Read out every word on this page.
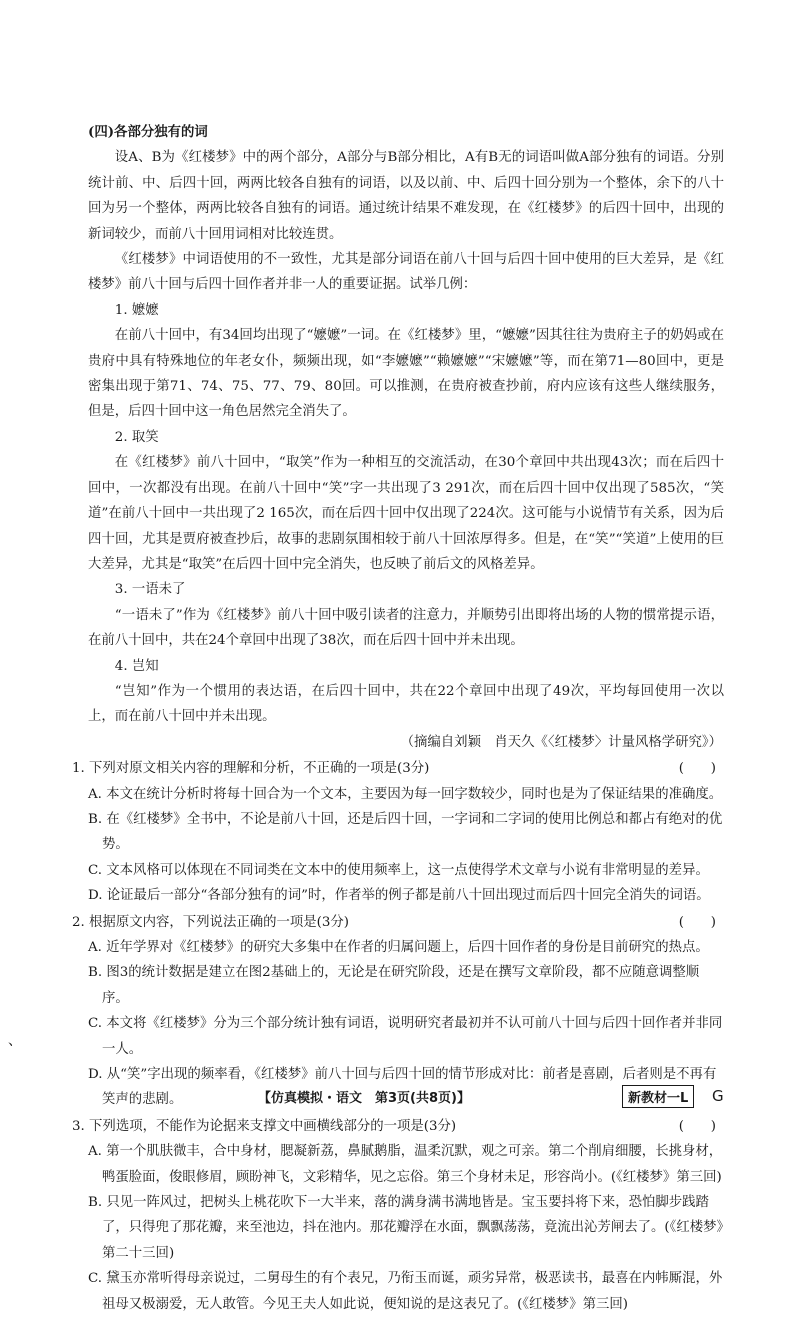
(四)各部分独有的词

设A、B为《红楼梦》中的两个部分，A部分与B部分相比，A有B无的词语叫做A部分独有的词语。分别统计前、中、后四十回，两两比较各自独有的词语，以及以前、中、后四十回分别为一个整体，余下的八十回为另一个整体，两两比较各自独有的词语。通过统计结果不难发现，在《红楼梦》的后四十回中，出现的新词较少，而前八十回用词相对比较连贯。

《红楼梦》中词语使用的不一致性，尤其是部分词语在前八十回与后四十回中使用的巨大差异，是《红楼梦》前八十回与后四十回作者并非一人的重要证据。试举几例：

1. 嬷嬷

在前八十回中，有34回均出现了“嬷嬷”一词。在《红楼梦》里，“嬷嬷”因其往往为贵府主子的奶妈或在贵府中具有特殊地位的年老女仆，频频出现，如“李嬷嬷”“赖嬷嬷”“宋嬷嬷”等，而在第71—80回中，更是密集出现于第71、74、75、77、79、80回。可以推测，在贵府被查抄前，府内应该有这些人继续服务，但是，后四十回中这一角色居然完全消失了。

2. 取笑

在《红楼梦》前八十回中，“取笑”作为一种相互的交流活动，在30个章回中共出现43次；而在后四十回中，一次都没有出现。在前八十回中“笑”字一共出现了3 291次，而在后四十回中仅出现了585次，“笑道”在前八十回中一共出现了2 165次，而在后四十回中仅出现了224次。这可能与小说情节有关系，因为后四十回，尤其是贾府被查抄后，故事的悲剧氛围相较于前八十回浓厚得多。但是，在“笑”“笑道”上使用的巨大差异，尤其是“取笑”在后四十回中完全消失，也反映了前后文的风格差异。

3. 一语未了

“一语未了”作为《红楼梦》前八十回中吸引读者的注意力，并顺势引出即将出场的人物的惯常提示语，在前八十回中，共在24个章回中出现了38次，而在后四十回中并未出现。

4. 岂知

“岂知”作为一个惯用的表达语，在后四十回中，共在22个章回中出现了49次，平均每回使用一次以上，而在前八十回中并未出现。

（摘编自刘颖　肖天久《〈红楼梦〉计量风格学研究》）
1. 下列对原文相关内容的理解和分析，不正确的一项是(3分)	(　　)
A. 本文在统计分析时将每十回合为一个文本，主要因为每一回字数较少，同时也是为了保证结果的准确度。
B. 在《红楼梦》全书中，不论是前八十回，还是后四十回，一字词和二字词的使用比例总和都占有绝对的优势。
C. 文本风格可以体现在不同词类在文本中的使用频率上，这一点使得学术文章与小说有非常明显的差异。
D. 论证最后一部分“各部分独有的词”时，作者举的例子都是前八十回出现过而后四十回完全消失的词语。
2. 根据原文内容，下列说法正确的一项是(3分)	(　　)
A. 近年学界对《红楼梦》的研究大多集中在作者的归属问题上，后四十回作者的身份是目前研究的热点。
B. 图3的统计数据是建立在图2基础上的，无论是在研究阶段，还是在撰写文章阶段，都不应随意调整顺序。
C. 本文将《红楼梦》分为三个部分统计独有词语，说明研究者最初并不认可前八十回与后四十回作者并非同一人。
D. 从“笑”字出现的频率看，《红楼梦》前八十回与后四十回的情节形成对比：前者是喜剧，后者则是不再有笑声的悲剧。
3. 下列选项，不能作为论据来支撑文中画横线部分的一项是(3分)	(　　)
A. 第一个肌肤微丰，合中身材，腮凝新荔，鼻腻鹅脂，温柔沉默，观之可亲。第二个削肩细腰，长挑身材，鸭蛋脸面，俊眼修眉，顾盼神飞，文彩精华，见之忘俗。第三个身材未足，形容尚小。(《红楼梦》第三回)
B. 只见一阵风过，把树头上桃花吹下一大半来，落的满身满书满地皆是。宝玉要抖将下来，恐怕脚步践踏了，只得兜了那花瓣，来至池边，抖在池内。那花瓣浮在水面，飘飘荡荡，竟流出沁芳闸去了。(《红楼梦》第二十三回)
C. 黛玉亦常听得母亲说过，二舅母生的有个表兄，乃衔玉而诞，顽劣异常，极恶读书，最喜在内帏厮混，外祖母又极溺爱，无人敢管。今见王夫人如此说，便知说的是这表兄了。(《红楼梦》第三回)
、
【仿真模拟・语文　第3页(共8页)】	新教材一L	G
